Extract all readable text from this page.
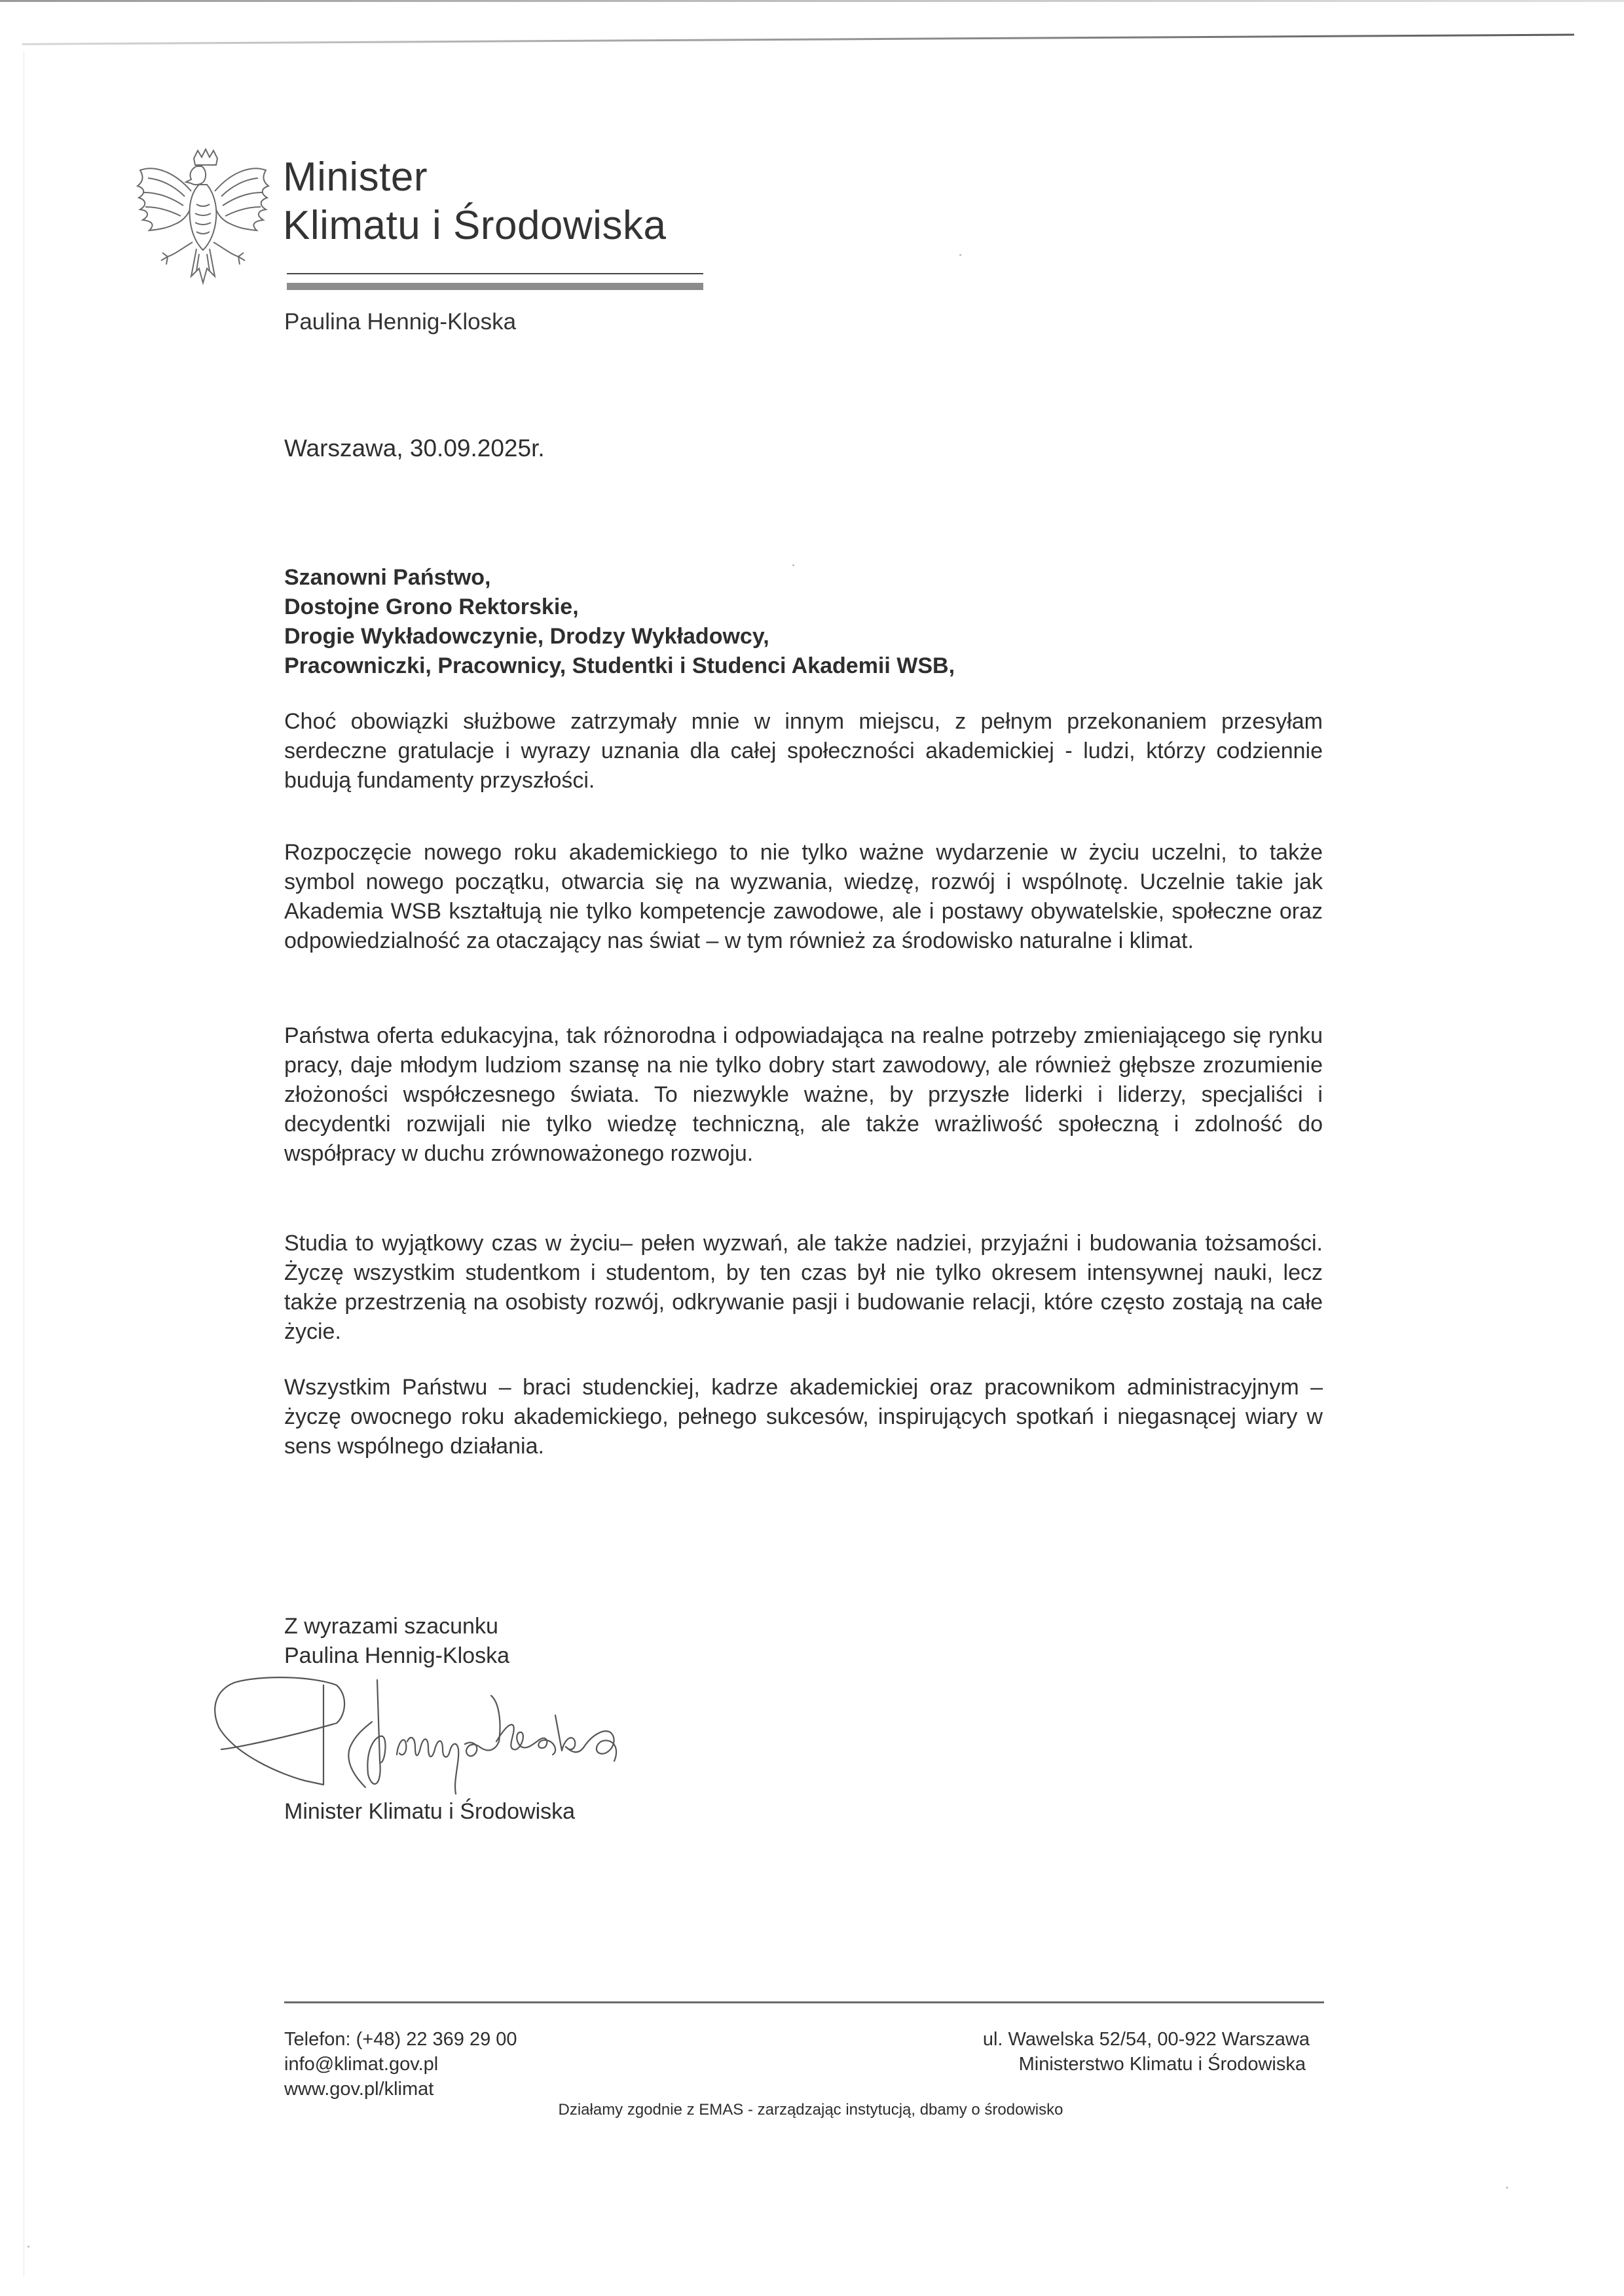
Minister
Klimatu i Środowiska
Paulina Hennig-Kloska
Warszawa, 30.09.2025r.
Szanowni Państwo,
Dostojne Grono Rektorskie,
Drogie Wykładowczynie, Drodzy Wykładowcy,
Pracowniczki, Pracownicy, Studentki i Studenci Akademii WSB,

Choć obowiązki służbowe zatrzymały mnie w innym miejscu, z pełnym przekonaniem przesyłam serdeczne gratulacje i wyrazy uznania dla całej społeczności akademickiej - ludzi, którzy codziennie budują fundamenty przyszłości.

Rozpoczęcie nowego roku akademickiego to nie tylko ważne wydarzenie w życiu uczelni, to także symbol nowego początku, otwarcia się na wyzwania, wiedzę, rozwój i wspólnotę. Uczelnie takie jak Akademia WSB kształtują nie tylko kompetencje zawodowe, ale i postawy obywatelskie, społeczne oraz odpowiedzialność za otaczający nas świat – w tym również za środowisko naturalne i klimat.

Państwa oferta edukacyjna, tak różnorodna i odpowiadająca na realne potrzeby zmieniającego się rynku pracy, daje młodym ludziom szansę na nie tylko dobry start zawodowy, ale również głębsze zrozumienie złożoności współczesnego świata. To niezwykle ważne, by przyszłe liderki i liderzy, specjaliści i decydentki rozwijali nie tylko wiedzę techniczną, ale także wrażliwość społeczną i zdolność do współpracy w duchu zrównoważonego rozwoju.

Studia to wyjątkowy czas w życiu– pełen wyzwań, ale także nadziei, przyjaźni i budowania tożsamości. Życzę wszystkim studentkom i studentom, by ten czas był nie tylko okresem intensywnej nauki, lecz także przestrzenią na osobisty rozwój, odkrywanie pasji i budowanie relacji, które często zostają na całe życie.

Wszystkim Państwu – braci studenckiej, kadrze akademickiej oraz pracownikom administracyjnym – życzę owocnego roku akademickiego, pełnego sukcesów, inspirujących spotkań i niegasnącej wiary w sens wspólnego działania.

Z wyrazami szacunku
Paulina Hennig-Kloska
Minister Klimatu i Środowiska
Telefon: (+48) 22 369 29 00
info@klimat.gov.pl
www.gov.pl/klimat
ul. Wawelska 52/54, 00-922 Warszawa
Ministerstwo Klimatu i Środowiska
Działamy zgodnie z EMAS - zarządzając instytucją, dbamy o środowisko
